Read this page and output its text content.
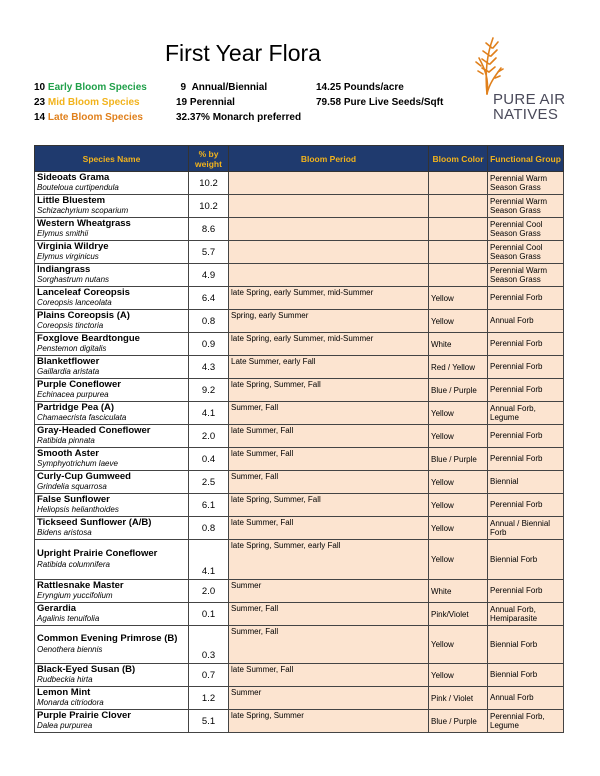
First Year Flora
10 Early Bloom Species
23 Mid Bloom Species
14 Late Bloom Species
9 Annual/Biennial
19 Perennial
32.37% Monarch preferred
14.25 Pounds/acre
79.58 Pure Live Seeds/Sqft	PURE AIR
NATIVES
Species Name	% by weight	Bloom Period	Bloom Color	Functional Group

Sideoats Grama
Bouteloua curtipendula	10.2			Perennial Warm Season Grass

Little Bluestem
Schizachyrium scoparium	10.2			Perennial Warm Season Grass

Western Wheatgrass
Elymus smithii	8.6			Perennial Cool Season Grass

Virginia Wildrye
Elymus virginicus	5.7			Perennial Cool Season Grass

Indiangrass
Sorghastrum nutans	4.9			Perennial Warm Season Grass

Lanceleaf Coreopsis
Coreopsis lanceolata	6.4	late Spring, early Summer, mid-Summer	Yellow	Perennial Forb

Plains Coreopsis (A)
Coreopsis tinctoria	0.8	Spring, early Summer	Yellow	Annual Forb

Foxglove Beardtongue
Penstemon digitalis	0.9	late Spring, early Summer, mid-Summer	White	Perennial Forb

Blanketflower
Gaillardia aristata	4.3	Late Summer, early Fall	Red / Yellow	Perennial Forb

Purple Coneflower
Echinacea purpurea	9.2	late Spring, Summer, Fall	Blue / Purple	Perennial Forb

Partridge Pea (A)
Chamaecrista fasciculata	4.1	Summer, Fall	Yellow	Annual Forb, Legume

Gray-Headed Coneflower
Ratibida pinnata	2.0	late Summer, Fall	Yellow	Perennial Forb

Smooth Aster
Symphyotrichum laeve	0.4	late Summer, Fall	Blue / Purple	Perennial Forb

Curly-Cup Gumweed
Grindelia squarrosa	2.5	Summer, Fall	Yellow	Biennial

False Sunflower
Heliopsis helianthoides	6.1	late Spring, Summer, Fall	Yellow	Perennial Forb

Tickseed Sunflower (A/B)
Bidens aristosa	0.8	late Summer, Fall	Yellow	Annual / Biennial Forb

Upright Prairie Coneflower
Ratibida columnifera	4.1	late Spring, Summer, early Fall	Yellow	Biennial Forb

Rattlesnake Master
Eryngium yuccifolium	2.0	Summer	White	Perennial Forb

Gerardia
Agalinis tenuifolia	0.1	Summer, Fall	Pink/Violet	Annual Forb, Hemiparasite

Common Evening Primrose (B)
Oenothera biennis	0.3	Summer, Fall	Yellow	Biennial Forb

Black-Eyed Susan (B)
Rudbeckia hirta	0.7	late Summer, Fall	Yellow	Biennial Forb

Lemon Mint
Monarda citriodora	1.2	Summer	Pink / Violet	Annual Forb

Purple Prairie Clover
Dalea purpurea	5.1	late Spring, Summer	Blue / Purple	Perennial Forb, Legume
